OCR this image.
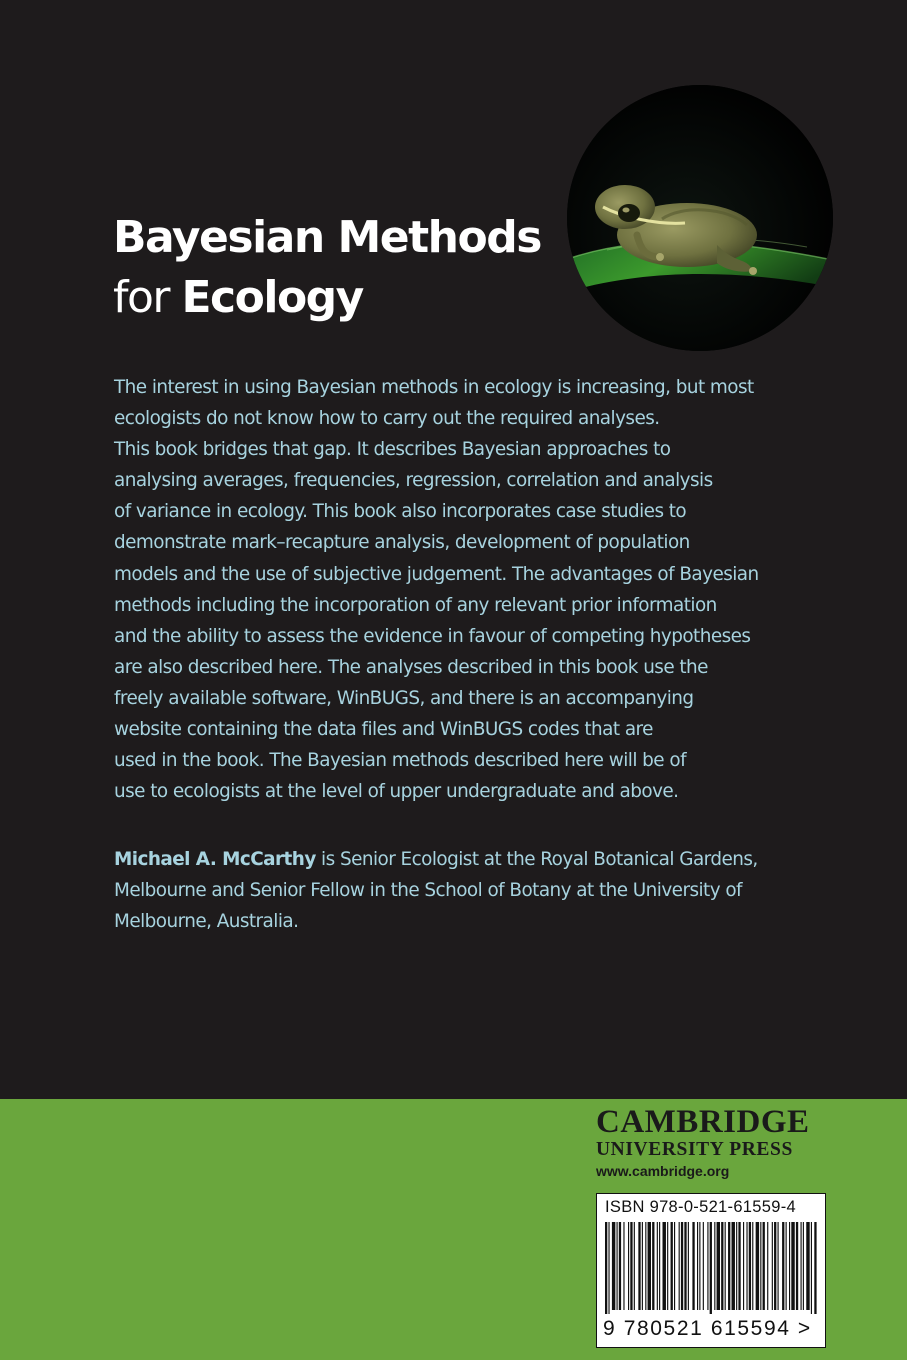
Bayesian Methods
for Ecology

The interest in using Bayesian methods in ecology is increasing, but most
ecologists do not know how to carry out the required analyses.
This book bridges that gap. It describes Bayesian approaches to
analysing averages, frequencies, regression, correlation and analysis
of variance in ecology. This book also incorporates case studies to
demonstrate mark–recapture analysis, development of population
models and the use of subjective judgement. The advantages of Bayesian
methods including the incorporation of any relevant prior information
and the ability to assess the evidence in favour of competing hypotheses
are also described here. The analyses described in this book use the
freely available software, WinBUGS, and there is an accompanying
website containing the data files and WinBUGS codes that are
used in the book. The Bayesian methods described here will be of
use to ecologists at the level of upper undergraduate and above.

Michael A. McCarthy is Senior Ecologist at the Royal Botanical Gardens,
Melbourne and Senior Fellow in the School of Botany at the University of
Melbourne, Australia.

CAMBRIDGE
UNIVERSITY PRESS
www.cambridge.org
ISBN 978-0-521-61559-4
9 780521 615594 >
